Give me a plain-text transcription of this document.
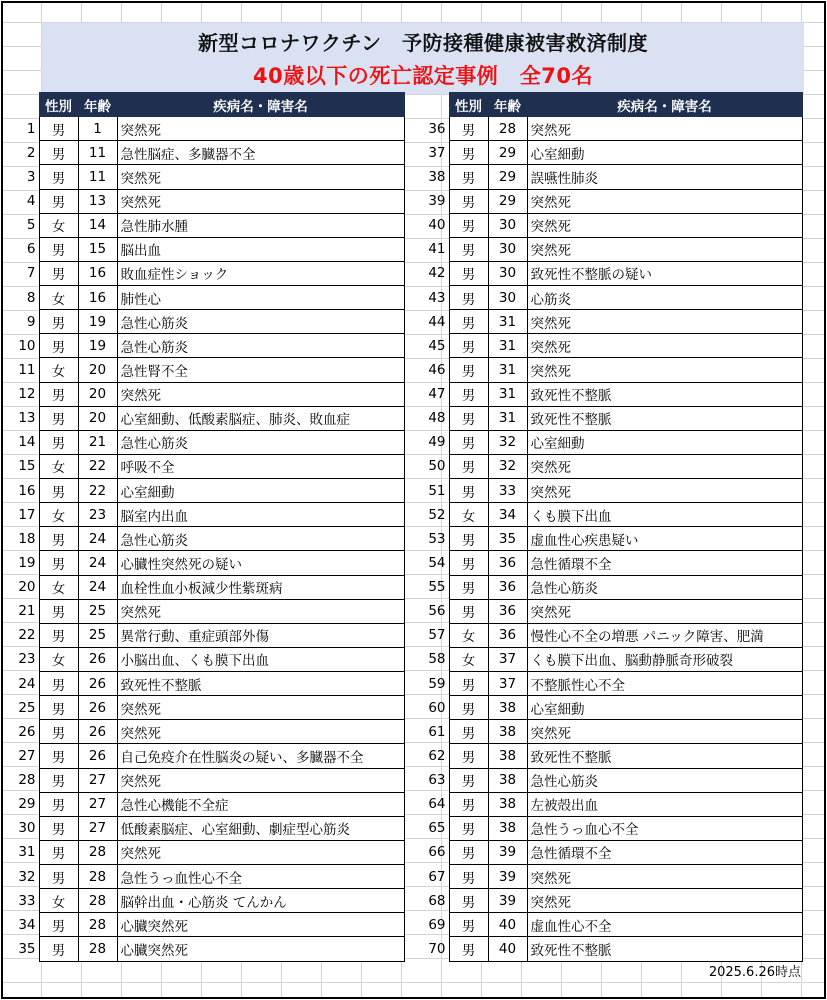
新型コロナワクチン　予防接種健康被害救済制度
40歳以下の死亡認定事例　全70名
	性別	年齢	疾病名・障害名
1	男	1	突然死
2	男	11	急性脳症、多臓器不全
3	男	11	突然死
4	男	13	突然死
5	女	14	急性肺水腫
6	男	15	脳出血
7	男	16	敗血症性ショック
8	女	16	肺性心
9	男	19	急性心筋炎
10	男	19	急性心筋炎
11	女	20	急性腎不全
12	男	20	突然死
13	男	20	心室細動、低酸素脳症、肺炎、敗血症
14	男	21	急性心筋炎
15	女	22	呼吸不全
16	男	22	心室細動
17	女	23	脳室内出血
18	男	24	急性心筋炎
19	男	24	心臓性突然死の疑い
20	女	24	血栓性血小板減少性紫斑病
21	男	25	突然死
22	男	25	異常行動、重症頭部外傷
23	女	26	小脳出血、くも膜下出血
24	男	26	致死性不整脈
25	男	26	突然死
26	男	26	突然死
27	男	26	自己免疫介在性脳炎の疑い、多臓器不全
28	男	27	突然死
29	男	27	急性心機能不全症
30	男	27	低酸素脳症、心室細動、劇症型心筋炎
31	男	28	突然死
32	男	28	急性うっ血性心不全
33	女	28	脳幹出血・心筋炎 てんかん
34	男	28	心臓突然死
35	男	28	心臓突然死
	性別	年齢	疾病名・障害名
36	男	28	突然死
37	男	29	心室細動
38	男	29	誤嚥性肺炎
39	男	29	突然死
40	男	30	突然死
41	男	30	突然死
42	男	30	致死性不整脈の疑い
43	男	30	心筋炎
44	男	31	突然死
45	男	31	突然死
46	男	31	突然死
47	男	31	致死性不整脈
48	男	31	致死性不整脈
49	男	32	心室細動
50	男	32	突然死
51	男	33	突然死
52	女	34	くも膜下出血
53	男	35	虚血性心疾患疑い
54	男	36	急性循環不全
55	男	36	急性心筋炎
56	男	36	突然死
57	女	36	慢性心不全の増悪 パニック障害、肥満
58	女	37	くも膜下出血、脳動静脈奇形破裂
59	男	37	不整脈性心不全
60	男	38	心室細動
61	男	38	突然死
62	男	38	致死性不整脈
63	男	38	急性心筋炎
64	男	38	左被殻出血
65	男	38	急性うっ血心不全
66	男	39	急性循環不全
67	男	39	突然死
68	男	39	突然死
69	男	40	虚血性心不全
70	男	40	致死性不整脈
2025.6.26時点
